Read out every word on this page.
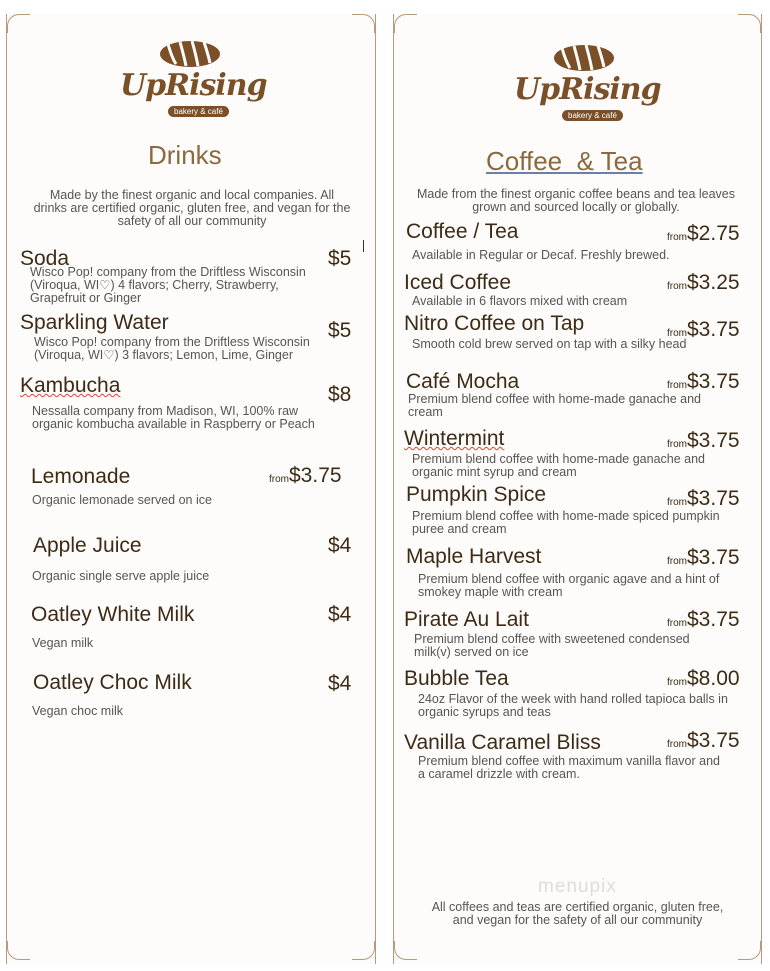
UpRising
bakery & café
UpRising
bakery & café
Drinks	Coffee  & Tea
Made by the finest organic and local companies. All drinks are certified organic, gluten free, and vegan for the safety of all our community
Made from the finest organic coffee beans and tea leaves grown and sourced locally or globally.
Soda	$5
Wisco Pop! company from the Driftless Wisconsin (Viroqua, WI♡) 4 flavors; Cherry, Strawberry, Grapefruit or Ginger
Sparkling Water	$5
Wisco Pop! company from the Driftless Wisconsin (Viroqua, WI♡) 3 flavors; Lemon, Lime, Ginger
Kambucha	$8
Nessalla company from Madison, WI, 100% raw organic kombucha available in Raspberry or Peach
Lemonade	from$3.75
Organic lemonade served on ice
Apple Juice	$4
Organic single serve apple juice
Oatley White Milk	$4
Vegan milk
Oatley Choc Milk	$4
Vegan choc milk
Coffee / Tea	from$2.75
Available in Regular or Decaf. Freshly brewed.
Iced Coffee	from$3.25
Available in 6 flavors mixed with cream
Nitro Coffee on Tap	from$3.75
Smooth cold brew served on tap with a silky head
Café Mocha	from$3.75
Premium blend coffee with home-made ganache and cream
Wintermint	from$3.75
Premium blend coffee with home-made ganache and organic mint syrup and cream
Pumpkin Spice	from$3.75
Premium blend coffee with home-made spiced pumpkin puree and cream
Maple Harvest	from$3.75
Premium blend coffee with organic agave and a hint of smokey maple with cream
Pirate Au Lait	from$3.75
Premium blend coffee with sweetened condensed milk(v) served on ice
Bubble Tea	from$8.00
24oz Flavor of the week with hand rolled tapioca balls in organic syrups and teas
Vanilla Caramel Bliss	from$3.75
Premium blend coffee with maximum vanilla flavor and a caramel drizzle with cream.
menupix
All coffees and teas are certified organic, gluten free, and vegan for the safety of all our community
